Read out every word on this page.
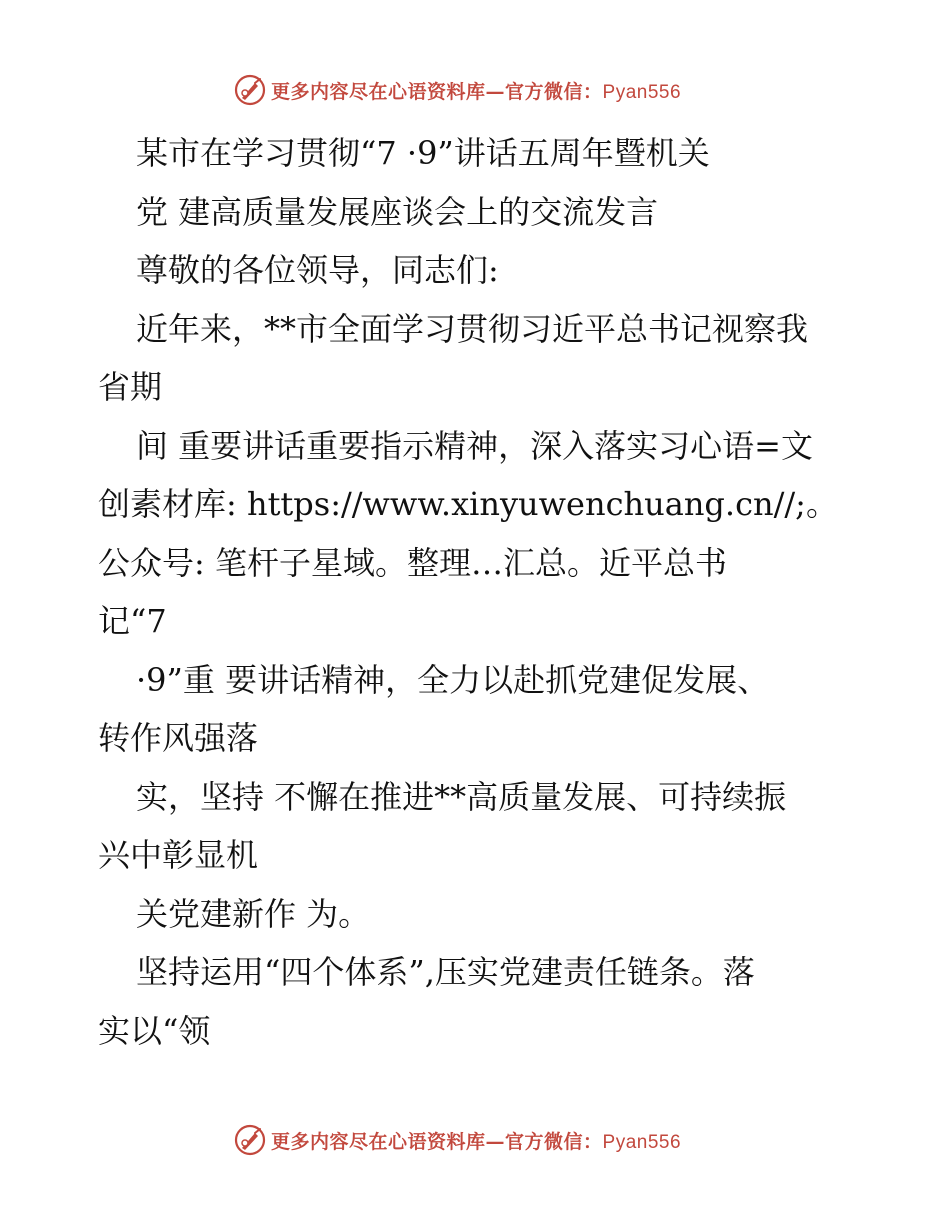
更多内容尽在心语资料库—官方微信：Pyan556
某市在学习贯彻“7 ·9”讲话五周年暨机关
党 建高质量发展座谈会上的交流发言
尊敬的各位领导，同志们:
近年来，**市全面学习贯彻习近平总书记视察我
省期
间 重要讲话重要指示精神，深入落实习心语=文
创素材库: https://www.xinyuwenchuang.cn//;。
公众号: 笔杆子星域。整理…汇总。近平总书
记“7
·9”重 要讲话精神，全力以赴抓党建促发展、
转作风强落
实，坚持 不懈在推进**高质量发展、可持续振
兴中彰显机
关党建新作 为。
坚持运用“四个体系”,压实党建责任链条。落
实以“领
更多内容尽在心语资料库—官方微信：Pyan556
